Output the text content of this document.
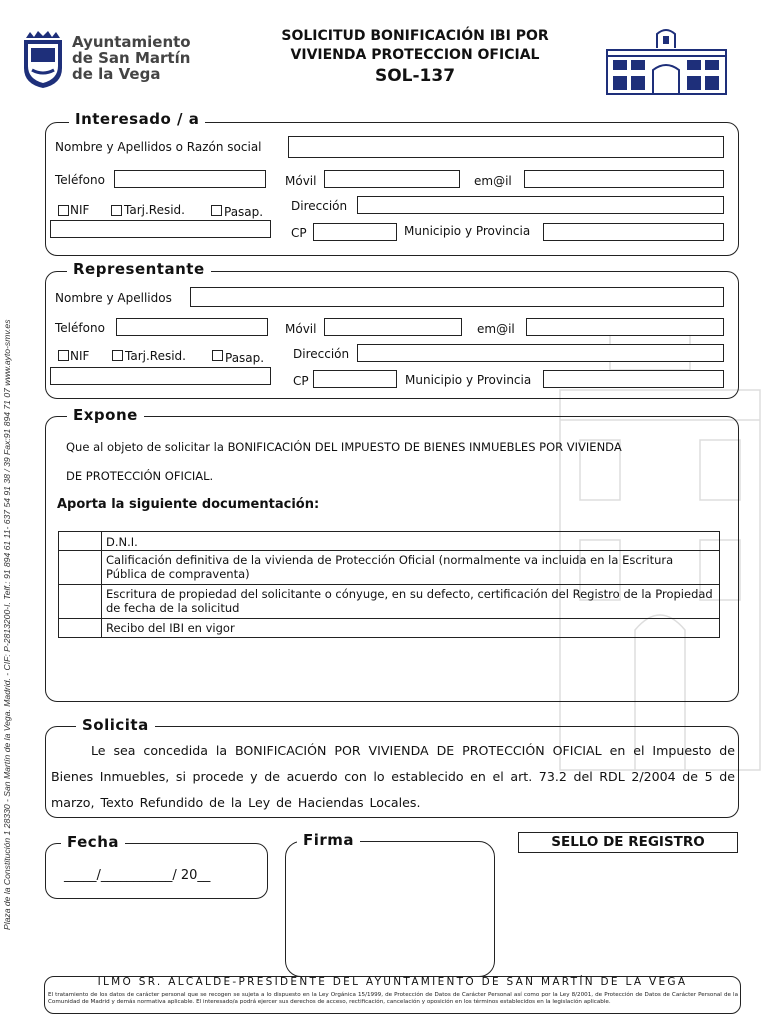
Plaza de la Constitución 1 28330 - San Martín de la Vega. Madrid. - CIF: P-2813200-I. Telf.: 91 894 61 11- 637 54 91 38 / 39 Fax:91 894 71 07 www.ayto-smv.es
Ayuntamiento
de San Martín
de la Vega
SOLICITUD BONIFICACIÓN IBI POR
VIVIENDA PROTECCION OFICIAL
SOL-137
Interesado / a
Nombre y Apellidos o Razón social
Teléfono	Móvil	em@il
NIF	Tarj.Resid.	Pasap. Dirección
CP	Municipio y Provincia
Representante
Nombre y Apellidos
Teléfono	Móvil	em@il
NIF	Tarj.Resid.	Pasap. Dirección
CP	Municipio y Provincia
Expone
Que al objeto de solicitar la BONIFICACIÓN DEL IMPUESTO DE BIENES INMUEBLES POR VIVIENDA
DE PROTECCIÓN OFICIAL.
Aporta la siguiente documentación:
D.N.I.
Calificación definitiva de la vivienda de Protección Oficial (normalmente va incluida en la Escritura Pública de compraventa)
Escritura de propiedad del solicitante o cónyuge, en su defecto, certificación del Registro de la Propiedad de fecha de la solicitud
Recibo del IBI en vigor
Solicita
Le sea concedida la BONIFICACIÓN POR VIVIENDA DE PROTECCIÓN OFICIAL en el Impuesto de Bienes Inmuebles, si procede y de acuerdo con lo establecido en el art. 73.2 del RDL 2/2004 de 5 de marzo, Texto Refundido de la Ley de Haciendas Locales.
Fecha
_____/___________/ 20__
Firma	SELLO DE REGISTRO
ILMO SR. ALCALDE-PRESIDENTE DEL AYUNTAMIENTO DE SAN MARTÍN DE LA VEGA
El tratamiento de los datos de carácter personal que se recogen se sujeta a lo dispuesto en la Ley Orgánica 15/1999, de Protección de Datos de Carácter Personal así como por la Ley 8/2001, de Protección de Datos de Carácter Personal de la Comunidad de Madrid y demás normativa aplicable. El interesado/a podrá ejercer sus derechos de acceso, rectificación, cancelación y oposición en los términos establecidos en la legislación aplicable.
